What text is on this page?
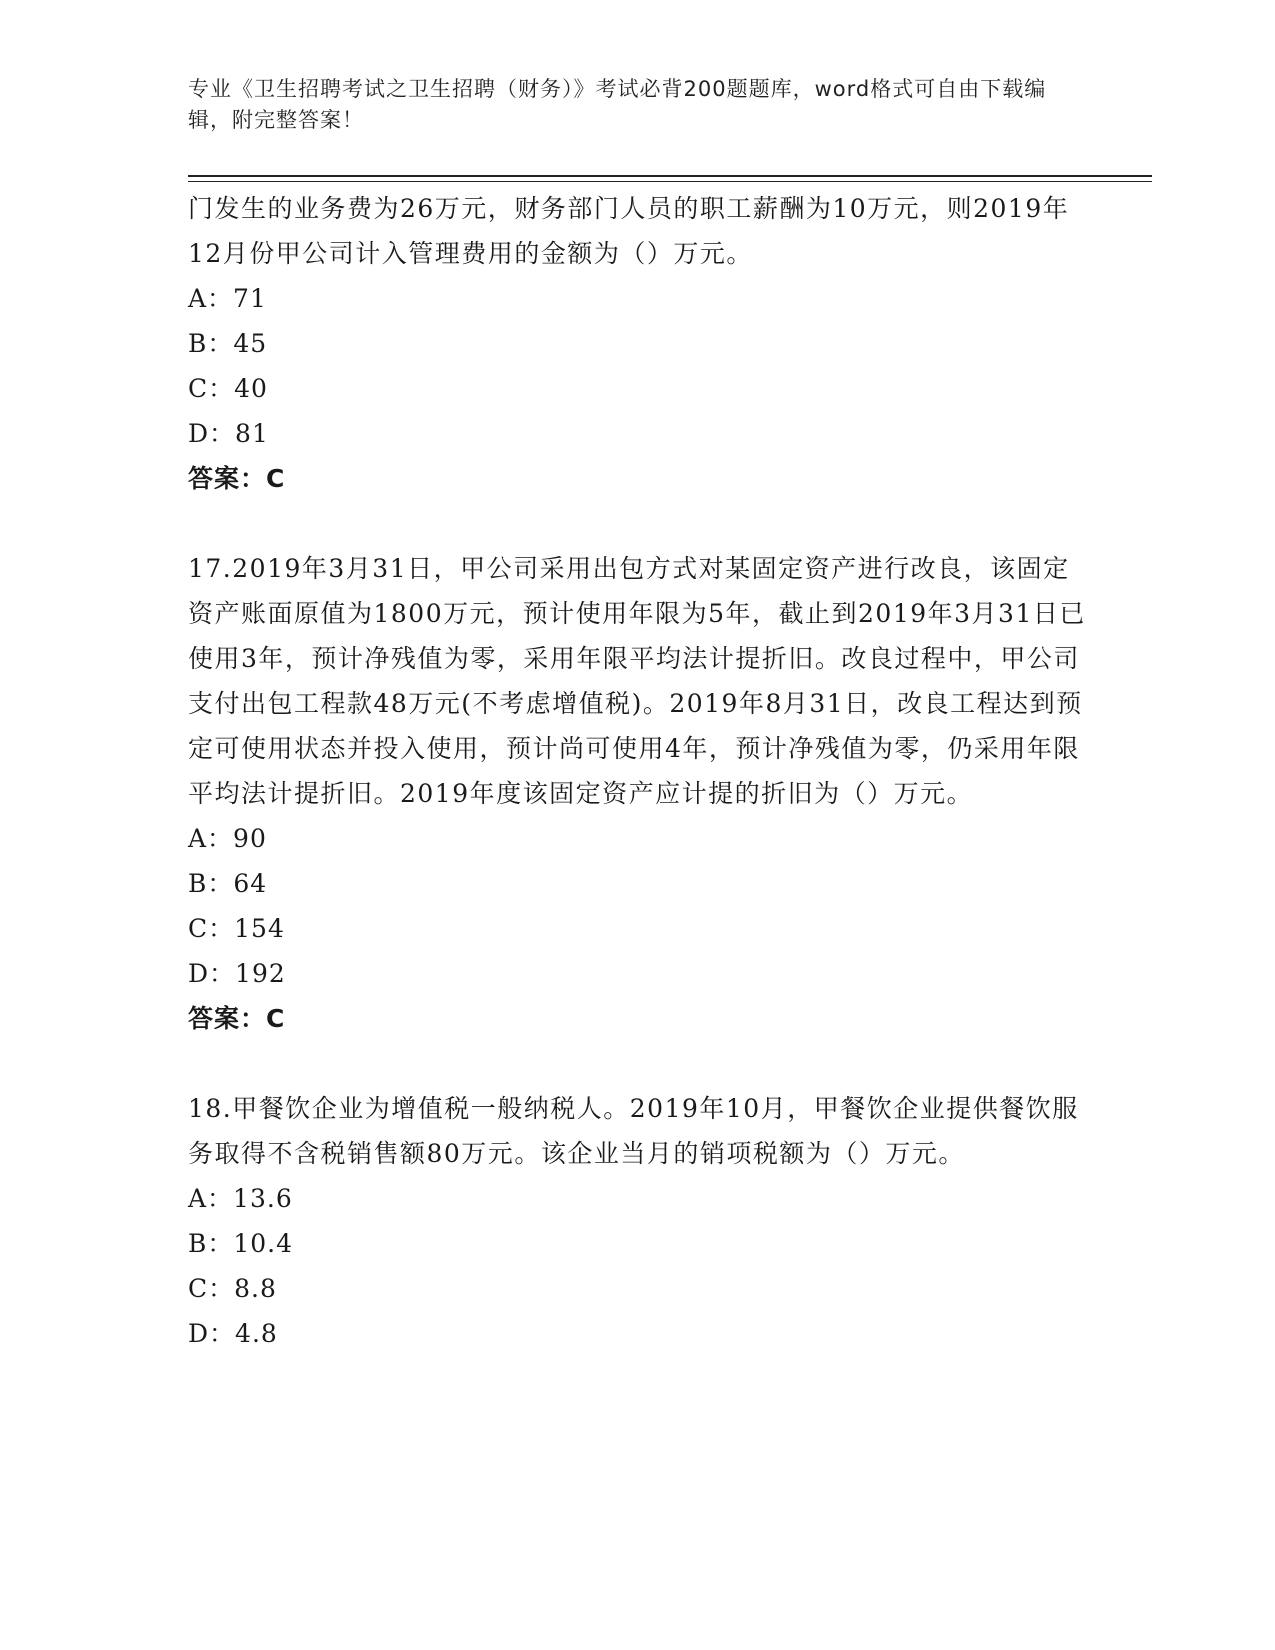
专业《卫生招聘考试之卫生招聘（财务）》考试必背200题题库，word格式可自由下载编辑，附完整答案！
门发生的业务费为26万元，财务部门人员的职工薪酬为10万元，则2019年12月份甲公司计入管理费用的金额为（）万元。
A：71
B：45
C：40
D：81
答案：C
17.2019年3月31日，甲公司采用出包方式对某固定资产进行改良，该固定资产账面原值为1800万元，预计使用年限为5年，截止到2019年3月31日已使用3年，预计净残值为零，采用年限平均法计提折旧。改良过程中，甲公司支付出包工程款48万元(不考虑增值税)。2019年8月31日，改良工程达到预定可使用状态并投入使用，预计尚可使用4年，预计净残值为零，仍采用年限平均法计提折旧。2019年度该固定资产应计提的折旧为（）万元。
A：90
B：64
C：154
D：192
答案：C
18.甲餐饮企业为增值税一般纳税人。2019年10月，甲餐饮企业提供餐饮服务取得不含税销售额80万元。该企业当月的销项税额为（）万元。
A：13.6
B：10.4
C：8.8
D：4.8
